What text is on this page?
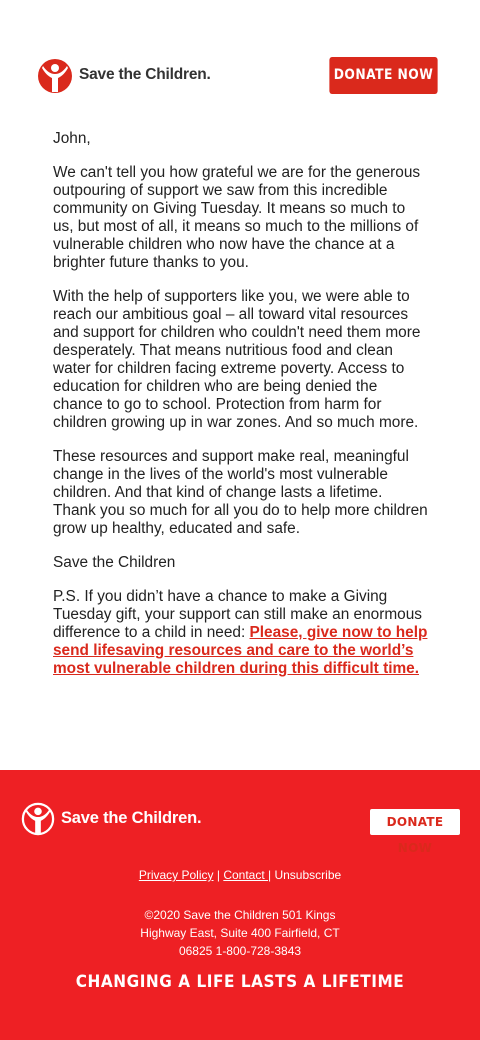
Save the Children.	DONATE NOW

John,

We can't tell you how grateful we are for the generous outpouring of support we saw from this incredible community on Giving Tuesday. It means so much to us, but most of all, it means so much to the millions of vulnerable children who now have the chance at a brighter future thanks to you.

With the help of supporters like you, we were able to reach our ambitious goal – all toward vital resources and support for children who couldn't need them more desperately. That means nutritious food and clean water for children facing extreme poverty. Access to education for children who are being denied the chance to go to school. Protection from harm for children growing up in war zones. And so much more.

These resources and support make real, meaningful change in the lives of the world's most vulnerable children. And that kind of change lasts a lifetime. Thank you so much for all you do to help more children grow up healthy, educated and safe.

Save the Children

P.S. If you didn’t have a chance to make a Giving Tuesday gift, your support can still make an enormous difference to a child in need: Please, give now to help send lifesaving resources and care to the world’s most vulnerable children during this difficult time.

Save the Children.	DONATE NOW
Privacy Policy | Contact | Unsubscribe
©2020 Save the Children 501 Kings
Highway East, Suite 400 Fairfield, CT
06825 1-800-728-3843
CHANGING A LIFE LASTS A LIFETIME
